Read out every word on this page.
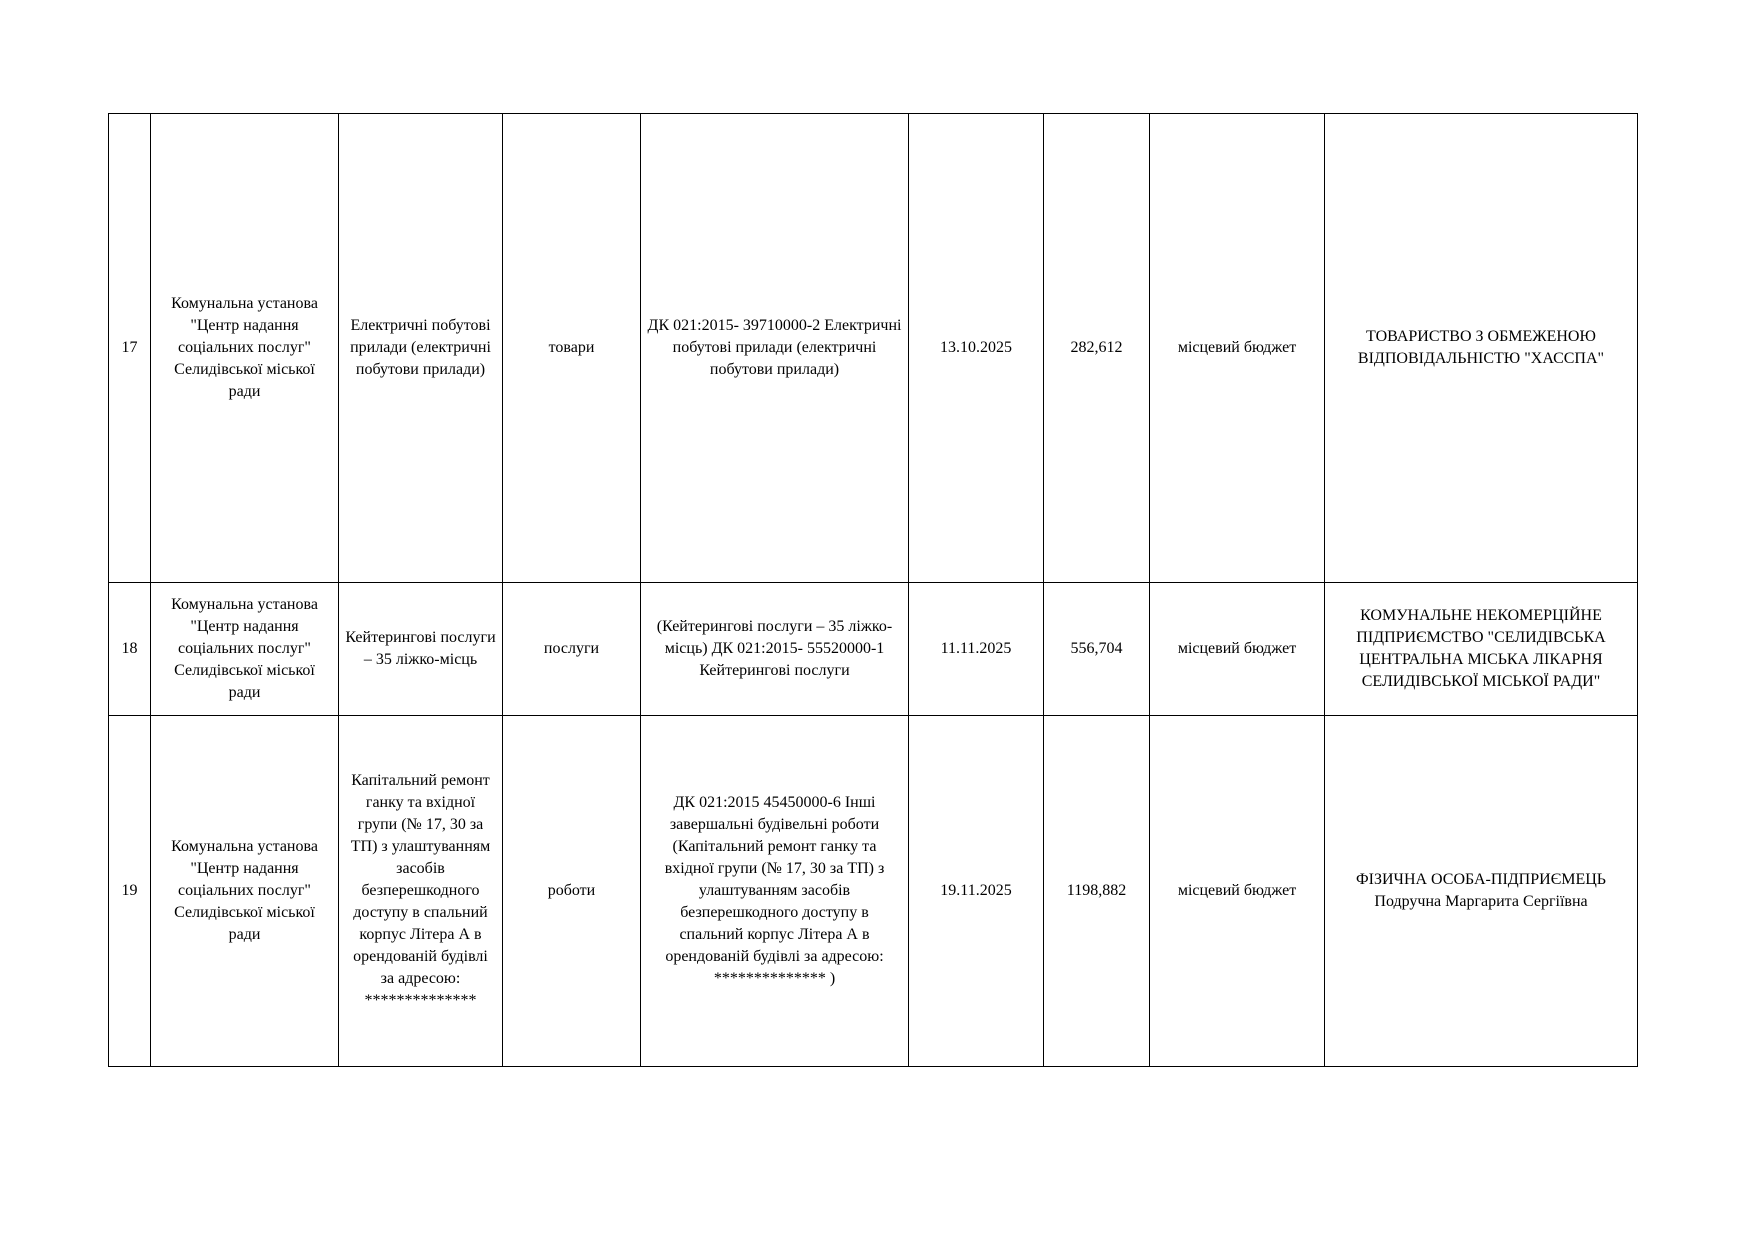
17	Комунальна установа "Центр надання соціальних послуг" Селидівської міської ради	Електричні побутові прилади (електричні побутови прилади)	товари	ДК 021:2015- 39710000-2 Електричні побутові прилади (електричні побутови прилади)	13.10.2025	282,612	місцевий бюджет	ТОВАРИСТВО З ОБМЕЖЕНОЮ ВІДПОВІДАЛЬНІСТЮ "ХАССПА"

18	Комунальна установа "Центр надання соціальних послуг" Селидівської міської ради	Кейтерингові послуги – 35 ліжко-місць	послуги	(Кейтерингові послуги – 35 ліжко-місць) ДК 021:2015- 55520000-1 Кейтерингові послуги	11.11.2025	556,704	місцевий бюджет	КОМУНАЛЬНЕ НЕКОМЕРЦІЙНЕ ПІДПРИЄМСТВО "СЕЛИДІВСЬКА ЦЕНТРАЛЬНА МІСЬКА ЛІКАРНЯ СЕЛИДІВСЬКОЇ МІСЬКОЇ РАДИ"

19	Комунальна установа "Центр надання соціальних послуг" Селидівської міської ради	Капітальний ремонт ганку та вхідної групи (№ 17, 30 за ТП) з улаштуванням засобів безперешкодного доступу в спальний корпус Літера А в орендованій будівлі за адресою: **************	роботи	ДК 021:2015 45450000-6 Інші завершальні будівельні роботи (Капітальний ремонт ганку та вхідної групи (№ 17, 30 за ТП) з улаштуванням засобів безперешкодного доступу в спальний корпус Літера А в орендованій будівлі за адресою: ************** )	19.11.2025	1198,882	місцевий бюджет	ФІЗИЧНА ОСОБА-ПІДПРИЄМЕЦЬ
Подручна Маргарита Сергіївна
